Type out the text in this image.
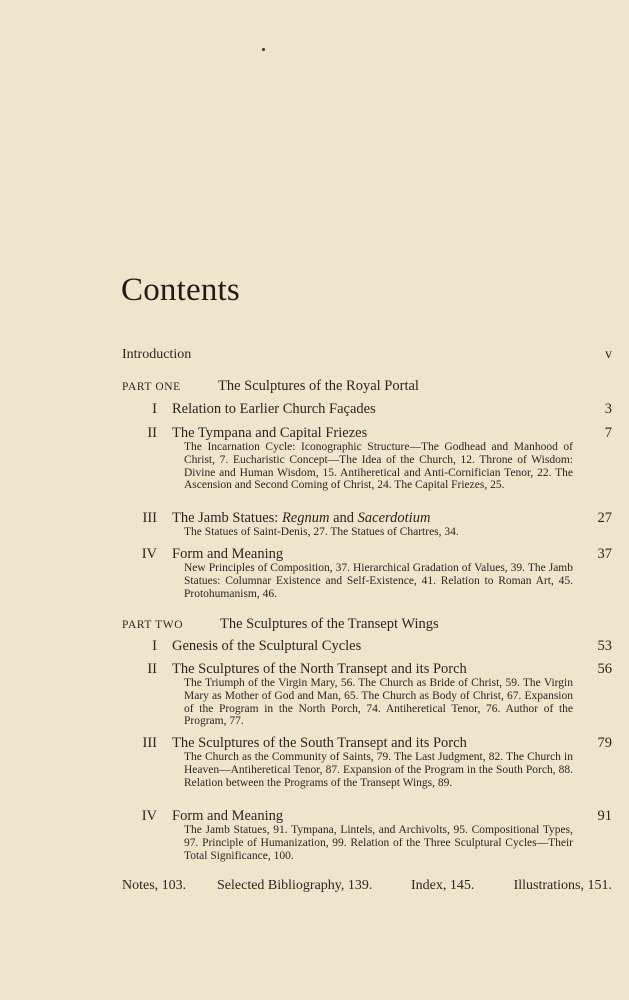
Contents
Introduction	v
PART ONE	The Sculptures of the Royal Portal
I Relation to Earlier Church Façades	3
II The Tympana and Capital Friezes	7
The Incarnation Cycle: Iconographic Structure—The Godhead and Manhood of Christ, 7. Eucharistic Concept—The Idea of the Church, 12. Throne of Wisdom: Divine and Human Wisdom, 15. Antiheretical and Anti-Cornifician Tenor, 22. The Ascension and Second Coming of Christ, 24. The Capital Friezes, 25.
III The Jamb Statues: Regnum and Sacerdotium	27
The Statues of Saint-Denis, 27. The Statues of Chartres, 34.
IV Form and Meaning	37
New Principles of Composition, 37. Hierarchical Gradation of Values, 39. The Jamb Statues: Columnar Existence and Self-Existence, 41. Relation to Roman Art, 45. Protohumanism, 46.
PART TWO	The Sculptures of the Transept Wings
I Genesis of the Sculptural Cycles	53
II The Sculptures of the North Transept and its Porch	56
The Triumph of the Virgin Mary, 56. The Church as Bride of Christ, 59. The Virgin Mary as Mother of God and Man, 65. The Church as Body of Christ, 67. Expansion of the Program in the North Porch, 74. Antiheretical Tenor, 76. Author of the Program, 77.
III The Sculptures of the South Transept and its Porch	79
The Church as the Community of Saints, 79. The Last Judgment, 82. The Church in Heaven—Antiheretical Tenor, 87. Expansion of the Program in the South Porch, 88. Relation between the Programs of the Transept Wings, 89.
IV Form and Meaning	91
The Jamb Statues, 91. Tympana, Lintels, and Archivolts, 95. Compositional Types, 97. Principle of Humanization, 99. Relation of the Three Sculptural Cycles—Their Total Significance, 100.
Notes, 103. Selected Bibliography, 139.	Index, 145.	Illustrations, 151.
